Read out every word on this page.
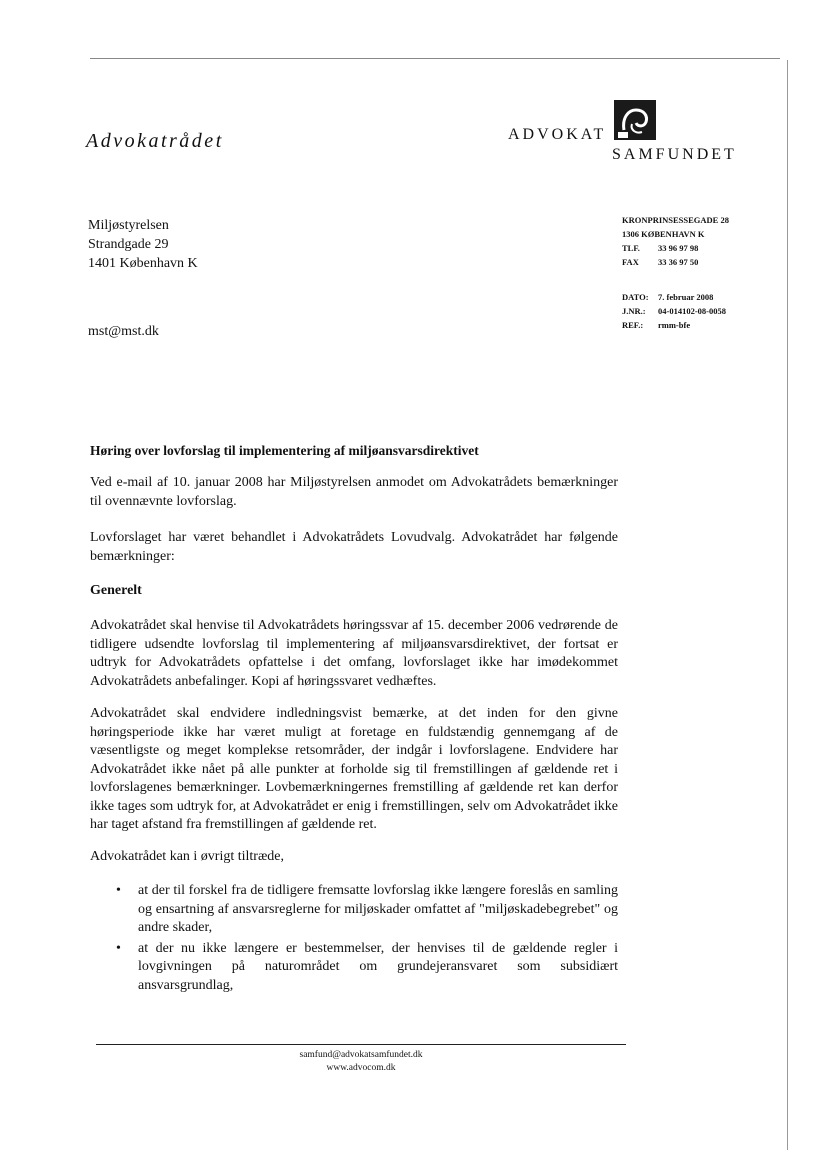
Advokatrådet	ADVOKAT
SAMFUNDET
Miljøstyrelsen
Strandgade 29
1401 København K
mst@mst.dk
KRONPRINSESSEGADE 28
1306 KØBENHAVN K
TLF.	33 96 97 98
FAX	33 36 97 50
DATO:	7. februar 2008
J.NR.:	04-014102-08-0058
REF.:	rmm-bfe
Høring over lovforslag til implementering af miljøansvarsdirektivet
Ved e-mail af 10. januar 2008 har Miljøstyrelsen anmodet om Advokatrådets bemærkninger til ovennævnte lovforslag.
Lovforslaget har været behandlet i Advokatrådets Lovudvalg. Advokatrådet har følgende bemærkninger:
Generelt
Advokatrådet skal henvise til Advokatrådets høringssvar af 15. december 2006 vedrørende de tidligere udsendte lovforslag til implementering af miljøansvarsdirektivet, der fortsat er udtryk for Advokatrådets opfattelse i det omfang, lovforslaget ikke har imødekommet Advokatrådets anbefalinger. Kopi af høringssvaret vedhæftes.
Advokatrådet skal endvidere indledningsvist bemærke, at det inden for den givne høringsperiode ikke har været muligt at foretage en fuldstændig gennemgang af de væsentligste og meget komplekse retsområder, der indgår i lovforslagene. Endvidere har Advokatrådet ikke nået på alle punkter at forholde sig til fremstillingen af gældende ret i lovforslagenes bemærkninger. Lovbemærkningernes fremstilling af gældende ret kan derfor ikke tages som udtryk for, at Advokatrådet er enig i fremstillingen, selv om Advokatrådet ikke har taget afstand fra fremstillingen af gældende ret.
Advokatrådet kan i øvrigt tiltræde,
•	at der til forskel fra de tidligere fremsatte lovforslag ikke længere foreslås en samling og ensartning af ansvarsreglerne for miljøskader omfattet af "miljøskadebegrebet" og andre skader,
•	at der nu ikke længere er bestemmelser, der henvises til de gældende regler i lovgivningen på naturområdet om grundejeransvaret som subsidiært ansvarsgrundlag,
samfund@advokatsamfundet.dk
www.advocom.dk
